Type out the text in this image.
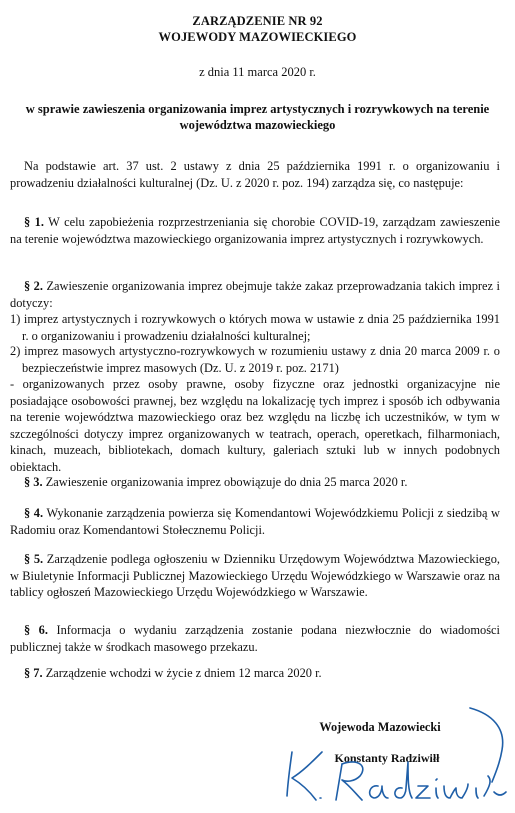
ZARZĄDZENIE NR 92
WOJEWODY MAZOWIECKIEGO
z dnia 11 marca 2020 r.
w sprawie zawieszenia organizowania imprez artystycznych i rozrywkowych na terenie województwa mazowieckiego

Na podstawie art. 37 ust. 2 ustawy z dnia 25 października 1991 r. o organizowaniu i prowadzeniu działalności kulturalnej (Dz. U. z 2020 r. poz. 194) zarządza się, co następuje:

§ 1. W celu zapobieżenia rozprzestrzeniania się chorobie COVID-19, zarządzam zawieszenie na terenie województwa mazowieckiego organizowania imprez artystycznych i rozrywkowych.

§ 2. Zawieszenie organizowania imprez obejmuje także zakaz przeprowadzania takich imprez i dotyczy:

1) imprez artystycznych i rozrywkowych o których mowa w ustawie z dnia 25 października 1991 r. o organizowaniu i prowadzeniu działalności kulturalnej;
2) imprez masowych artystyczno-rozrywkowych w rozumieniu ustawy z dnia 20 marca 2009 r. o bezpieczeństwie imprez masowych (Dz. U. z 2019 r. poz. 2171)

- organizowanych przez osoby prawne, osoby fizyczne oraz jednostki organizacyjne nie posiadające osobowości prawnej, bez względu na lokalizację tych imprez i sposób ich odbywania na terenie województwa mazowieckiego oraz bez względu na liczbę ich uczestników, w tym w szczególności dotyczy imprez organizowanych w teatrach, operach, operetkach, filharmoniach, kinach, muzeach, bibliotekach, domach kultury, galeriach sztuki lub w innych podobnych obiektach.

§ 3. Zawieszenie organizowania imprez obowiązuje do dnia 25 marca 2020 r.

§ 4. Wykonanie zarządzenia powierza się Komendantowi Wojewódzkiemu Policji z siedzibą w Radomiu oraz Komendantowi Stołecznemu Policji.

§ 5. Zarządzenie podlega ogłoszeniu w Dzienniku Urzędowym Województwa Mazowieckiego, w Biuletynie Informacji Publicznej Mazowieckiego Urzędu Wojewódzkiego w Warszawie oraz na tablicy ogłoszeń Mazowieckiego Urzędu Wojewódzkiego w Warszawie.

§ 6. Informacja o wydaniu zarządzenia zostanie podana niezwłocznie do wiadomości publicznej także w środkach masowego przekazu.

§ 7. Zarządzenie wchodzi w życie z dniem 12 marca 2020 r.

Wojewoda Mazowiecki
Konstanty Radziwiłł
